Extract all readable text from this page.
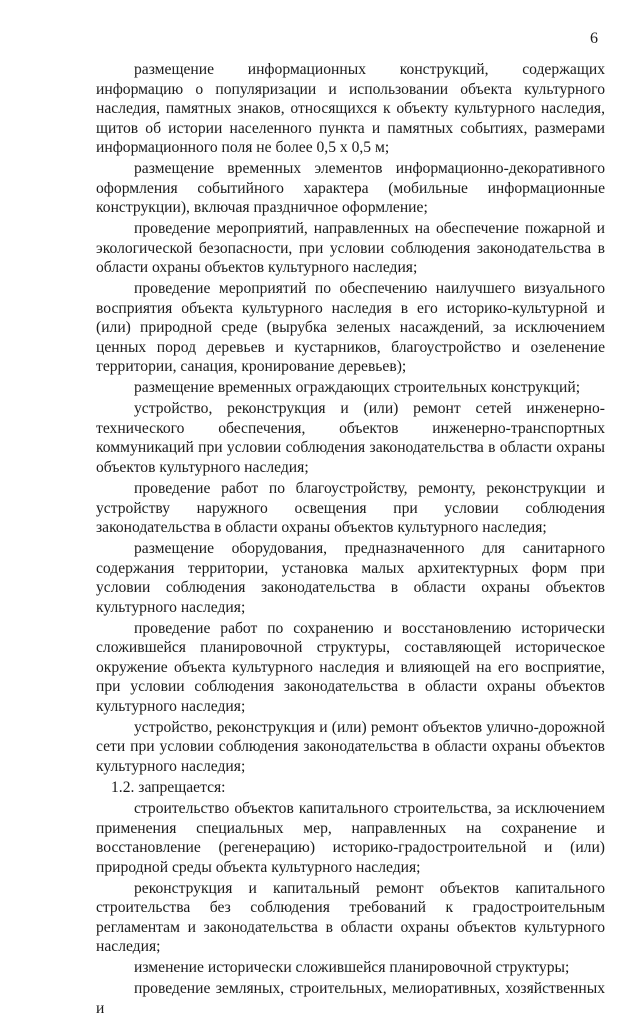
6

размещение информационных конструкций, содержащих информацию о популяризации и использовании объекта культурного наследия, памятных знаков, относящихся к объекту культурного наследия, щитов об истории населенного пункта и памятных событиях, размерами информационного поля не более 0,5 х 0,5 м;

размещение временных элементов информационно-декоративного оформления событийного характера (мобильные информационные конструкции), включая праздничное оформление;

проведение мероприятий, направленных на обеспечение пожарной и экологической безопасности, при условии соблюдения законодательства в области охраны объектов культурного наследия;

проведение мероприятий по обеспечению наилучшего визуального восприятия объекта культурного наследия в его историко-культурной и (или) природной среде (вырубка зеленых насаждений, за исключением ценных пород деревьев и кустарников, благоустройство и озеленение территории, санация, кронирование деревьев);

размещение временных ограждающих строительных конструкций;

устройство, реконструкция и (или) ремонт сетей инженерно-технического обеспечения, объектов инженерно-транспортных коммуникаций при условии соблюдения законодательства в области охраны объектов культурного наследия;

проведение работ по благоустройству, ремонту, реконструкции и устройству наружного освещения при условии соблюдения законодательства в области охраны объектов культурного наследия;

размещение оборудования, предназначенного для санитарного содержания территории, установка малых архитектурных форм при условии соблюдения законодательства в области охраны объектов культурного наследия;

проведение работ по сохранению и восстановлению исторически сложившейся планировочной структуры, составляющей историческое окружение объекта культурного наследия и влияющей на его восприятие, при условии соблюдения законодательства в области охраны объектов культурного наследия;

устройство, реконструкция и (или) ремонт объектов улично-дорожной сети при условии соблюдения законодательства в области охраны объектов культурного наследия;

1.2. запрещается:

строительство объектов капитального строительства, за исключением применения специальных мер, направленных на сохранение и восстановление (регенерацию) историко-градостроительной и (или) природной среды объекта культурного наследия;

реконструкция и капитальный ремонт объектов капитального строительства без соблюдения требований к градостроительным регламентам и законодательства в области охраны объектов культурного наследия;

изменение исторически сложившейся планировочной структуры;

проведение земляных, строительных, мелиоративных, хозяйственных и
